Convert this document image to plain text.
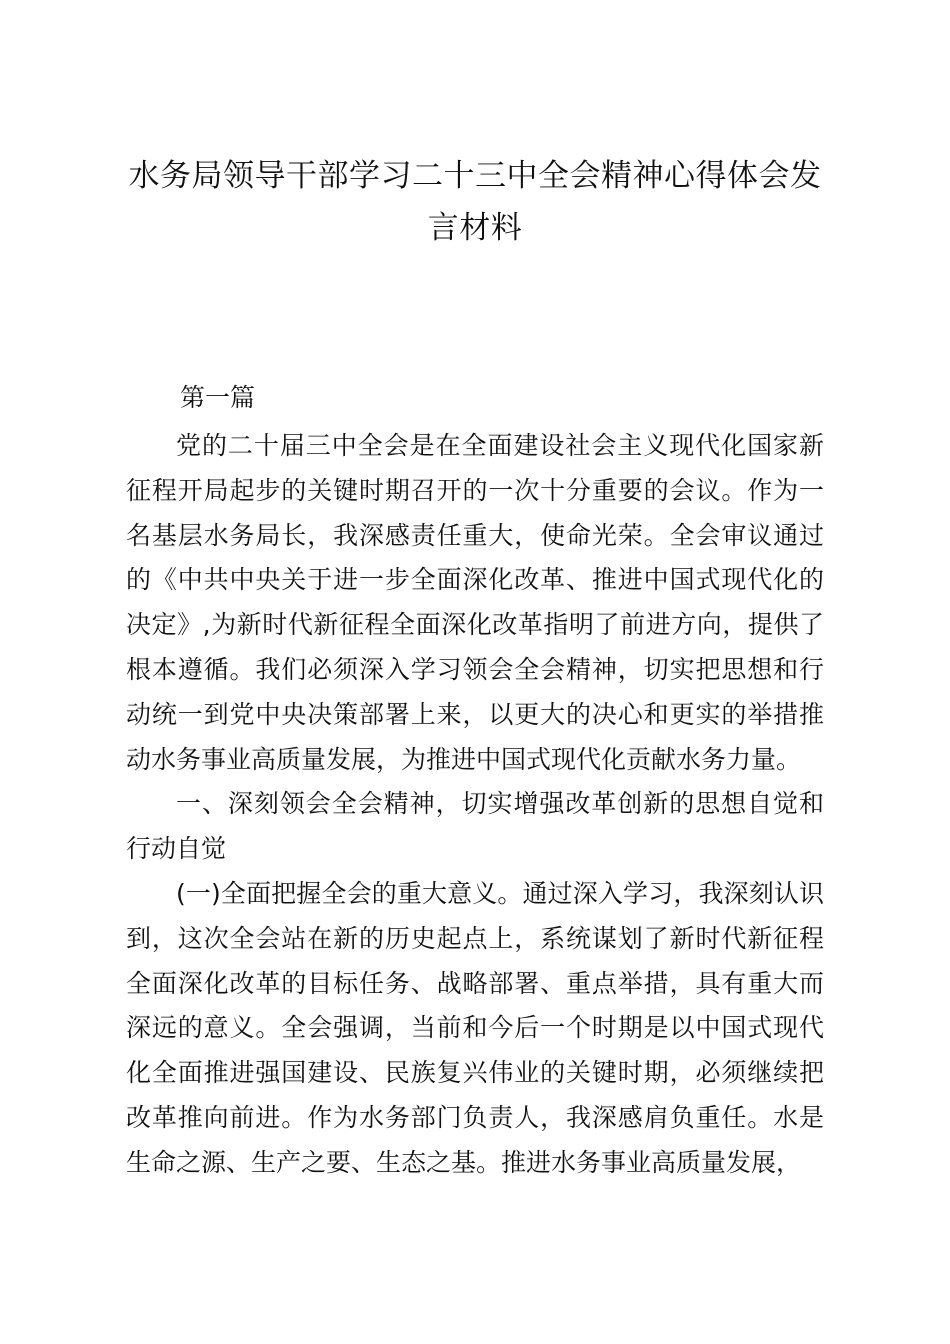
水务局领导干部学习二十三中全会精神心得体会发言材料
第一篇

党的二十届三中全会是在全面建设社会主义现代化国家新征程开局起步的关键时期召开的一次十分重要的会议。作为一名基层水务局长，我深感责任重大，使命光荣。全会审议通过的《中共中央关于进一步全面深化改革、推进中国式现代化的决定》,为新时代新征程全面深化改革指明了前进方向，提供了根本遵循。我们必须深入学习领会全会精神，切实把思想和行动统一到党中央决策部署上来，以更大的决心和更实的举措推动水务事业高质量发展，为推进中国式现代化贡献水务力量。

一、深刻领会全会精神，切实增强改革创新的思想自觉和行动自觉

(一)全面把握全会的重大意义。通过深入学习，我深刻认识到，这次全会站在新的历史起点上，系统谋划了新时代新征程全面深化改革的目标任务、战略部署、重点举措，具有重大而深远的意义。全会强调，当前和今后一个时期是以中国式现代化全面推进强国建设、民族复兴伟业的关键时期，必须继续把改革推向前进。作为水务部门负责人，我深感肩负重任。水是生命之源、生产之要、生态之基。推进水务事业高质量发展，
